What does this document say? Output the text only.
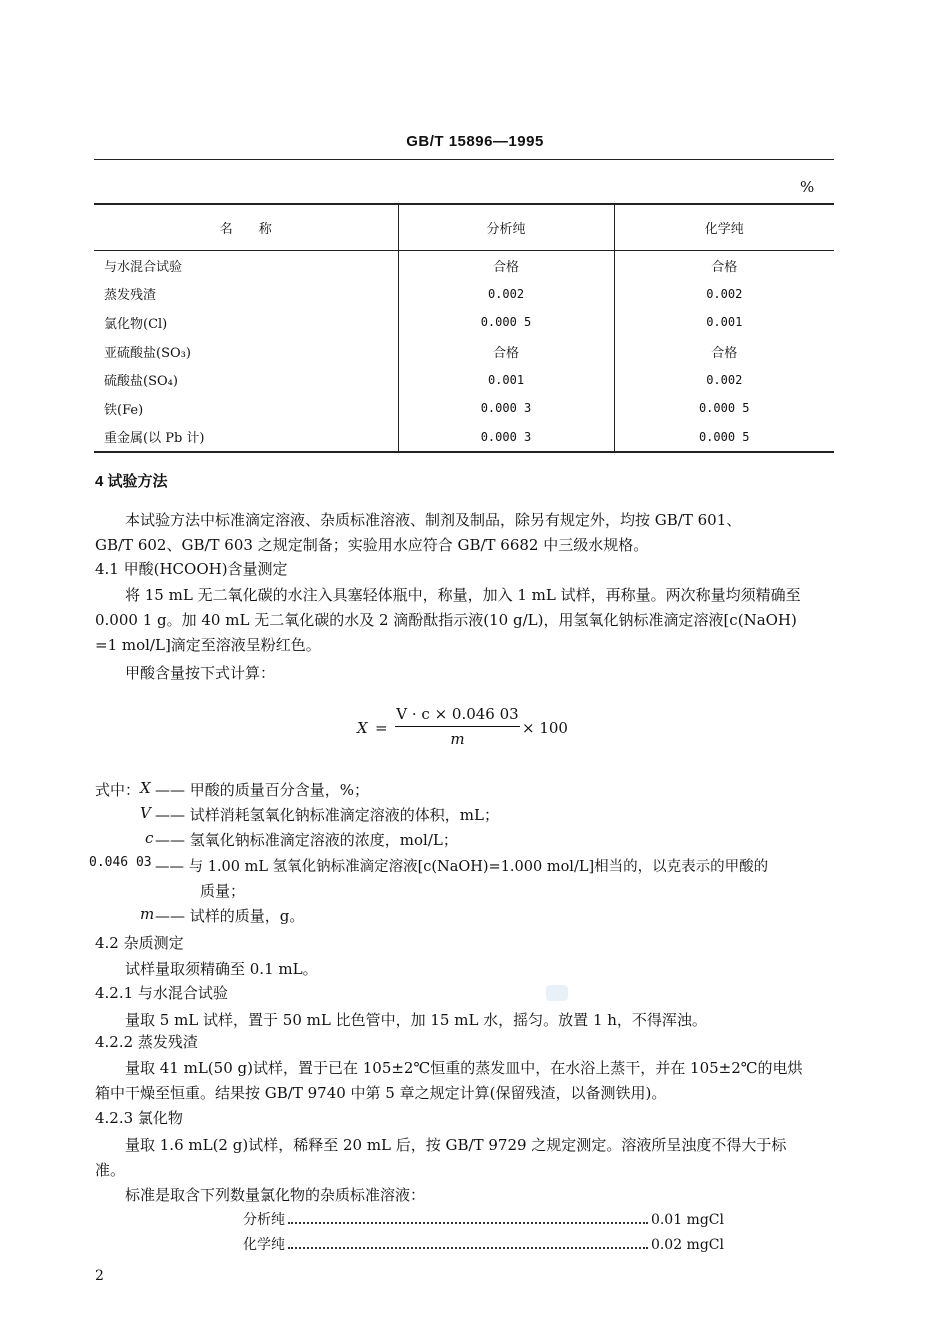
GB/T 15896—1995
%
名　　称	分析纯	化学纯
与水混合试验	合格	合格
蒸发残渣	0.002	0.002
氯化物(Cl)	0.000 5	0.001
亚硫酸盐(SO₃)	合格	合格
硫酸盐(SO₄)	0.001	0.002
铁(Fe)	0.000 3	0.000 5
重金属(以 Pb 计)	0.000 3	0.000 5
4 试验方法
本试验方法中标准滴定溶液、杂质标准溶液、制剂及制品，除另有规定外，均按 GB/T 601、
GB/T 602、GB/T 603 之规定制备；实验用水应符合 GB/T 6682 中三级水规格。
4.1 甲酸(HCOOH)含量测定
将 15 mL 无二氧化碳的水注入具塞轻体瓶中，称量，加入 1 mL 试样，再称量。两次称量均须精确至
0.000 1 g。加 40 mL 无二氧化碳的水及 2 滴酚酞指示液(10 g/L)，用氢氧化钠标准滴定溶液[c(NaOH)
=1 mol/L]滴定至溶液呈粉红色。
甲酸含量按下式计算：
X =
V · c × 0.046 03
m
× 100
式中： X —— 甲酸的质量百分含量，%；
V —— 试样消耗氢氧化钠标准滴定溶液的体积，mL；
c —— 氢氧化钠标准滴定溶液的浓度，mol/L；
0.046 03 —— 与 1.00 mL 氢氧化钠标准滴定溶液[c(NaOH)=1.000 mol/L]相当的，以克表示的甲酸的
　　质量；
m —— 试样的质量，g。
4.2 杂质测定
试样量取须精确至 0.1 mL。
4.2.1 与水混合试验
量取 5 mL 试样，置于 50 mL 比色管中，加 15 mL 水，摇匀。放置 1 h，不得浑浊。
4.2.2 蒸发残渣
量取 41 mL(50 g)试样，置于已在 105±2℃恒重的蒸发皿中，在水浴上蒸干，并在 105±2℃的电烘
箱中干燥至恒重。结果按 GB/T 9740 中第 5 章之规定计算(保留残渣，以备测铁用)。
4.2.3 氯化物
量取 1.6 mL(2 g)试样，稀释至 20 mL 后，按 GB/T 9729 之规定测定。溶液所呈浊度不得大于标
准。
标准是取含下列数量氯化物的杂质标准溶液：
分析纯	0.01 mgCl
化学纯	0.02 mgCl
2
